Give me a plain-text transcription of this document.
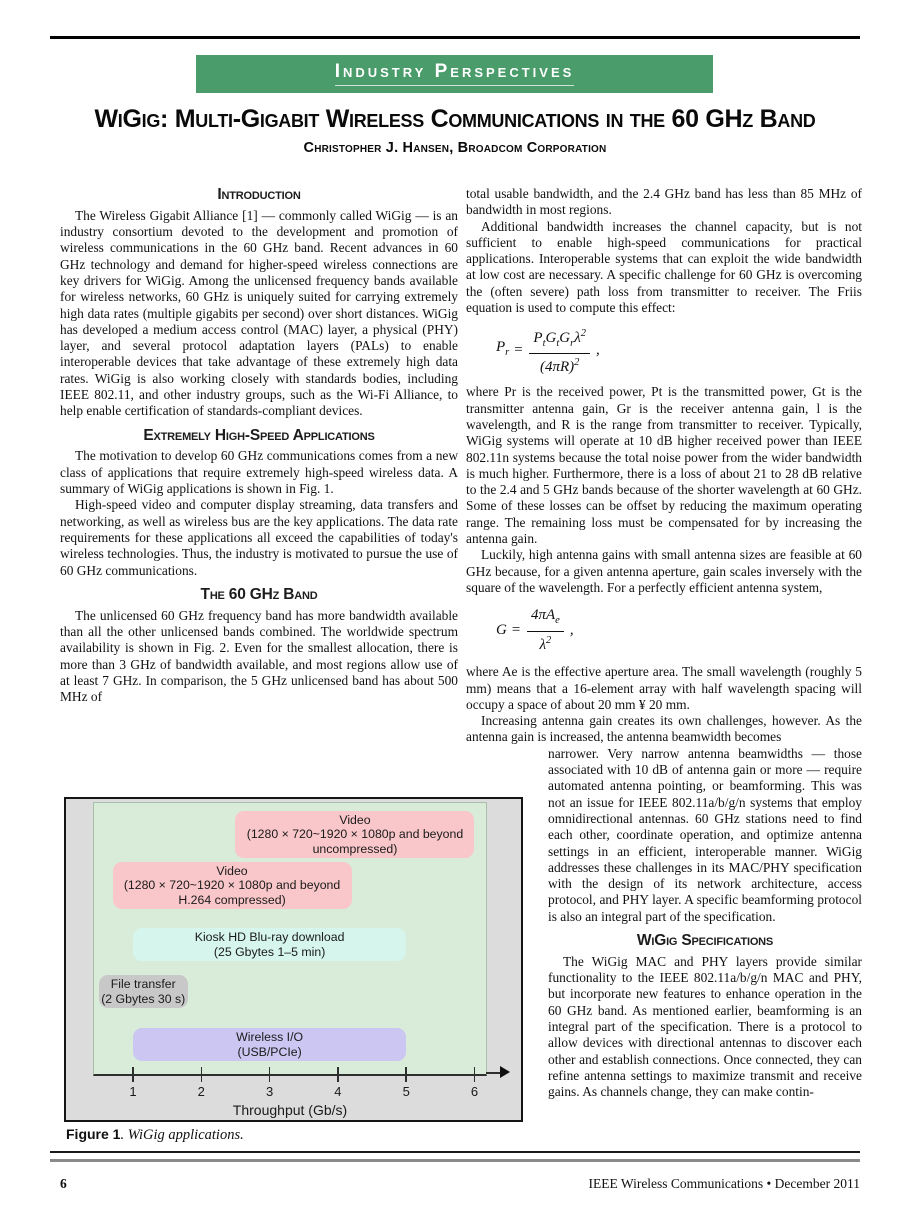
Industry Perspectives
WiGig: Multi-Gigabit Wireless Communications in the 60 GHz Band
Christopher J. Hansen, Broadcom Corporation
Introduction

The Wireless Gigabit Alliance [1] — commonly called WiGig — is an industry consortium devoted to the development and promotion of wireless communications in the 60 GHz band. Recent advances in 60 GHz technology and demand for higher-speed wireless connections are key drivers for WiGig. Among the unlicensed frequency bands available for wireless networks, 60 GHz is uniquely suited for carrying extremely high data rates (multiple gigabits per second) over short distances. WiGig has developed a medium access control (MAC) layer, a physical (PHY) layer, and several protocol adaptation layers (PALs) to enable interoperable devices that take advantage of these extremely high data rates. WiGig is also working closely with standards bodies, including IEEE 802.11, and other industry groups, such as the Wi-Fi Alliance, to help enable certification of standards-compliant devices.

Extremely High-Speed Applications

The motivation to develop 60 GHz communications comes from a new class of applications that require extremely high-speed wireless data. A summary of WiGig applications is shown in Fig. 1.

High-speed video and computer display streaming, data transfers and networking, as well as wireless bus are the key applications. The data rate requirements for these applications all exceed the capabilities of today's wireless technologies. Thus, the industry is motivated to pursue the use of 60 GHz communications.

The 60 GHz Band

The unlicensed 60 GHz frequency band has more bandwidth available than all the other unlicensed bands combined. The worldwide spectrum availability is shown in Fig. 2. Even for the smallest allocation, there is more than 3 GHz of bandwidth available, and most regions allow use of at least 7 GHz. In comparison, the 5 GHz unlicensed band has about 500 MHz of

total usable bandwidth, and the 2.4 GHz band has less than 85 MHz of bandwidth in most regions.

Additional bandwidth increases the channel capacity, but is not sufficient to enable high-speed communications for practical applications. Interoperable systems that can exploit the wide bandwidth at low cost are necessary. A specific challenge for 60 GHz is overcoming the (often severe) path loss from transmitter to receiver. The Friis equation is used to compute this effect:

$P_r = \frac{P_tG_tG_r\lambda^2}{(4\pi R)^2}$ ,

where Pr is the received power, Pt is the transmitted power, Gt is the transmitter antenna gain, Gr is the receiver antenna gain, l is the wavelength, and R is the range from transmitter to receiver. Typically, WiGig systems will operate at 10 dB higher received power than IEEE 802.11n systems because the total noise power from the wider bandwidth is much higher. Furthermore, there is a loss of about 21 to 28 dB relative to the 2.4 and 5 GHz bands because of the shorter wavelength at 60 GHz. Some of these losses can be offset by reducing the maximum operating range. The remaining loss must be compensated for by increasing the antenna gain.

Luckily, high antenna gains with small antenna sizes are feasible at 60 GHz because, for a given antenna aperture, gain scales inversely with the square of the wavelength. For a perfectly efficient antenna system,

$G = \frac{4\pi A_e}{\lambda^2}$ ,

where Ae is the effective aperture area. The small wavelength (roughly 5 mm) means that a 16-element array with half wavelength spacing will occupy a space of about 20 mm ¥ 20 mm.

Increasing antenna gain creates its own challenges, however. As the antenna gain is increased, the antenna beamwidth becomes

narrower. Very narrow antenna beamwidths — those associated with 10 dB of antenna gain or more — require automated antenna pointing, or beamforming. This was not an issue for IEEE 802.11a/b/g/n systems that employ omnidirectional antennas. 60 GHz stations need to find each other, coordinate operation, and optimize antenna settings in an efficient, interoperable manner. WiGig addresses these challenges in its MAC/PHY specification with the design of its network architecture, access protocol, and PHY layer. A specific beamforming protocol is also an integral part of the specification.

WiGig Specifications

The WiGig MAC and PHY layers provide similar functionality to the IEEE 802.11a/b/g/n MAC and PHY, but incorporate new features to enhance operation in the 60 GHz band. As mentioned earlier, beamforming is an integral part of the specification. There is a protocol to allow devices with directional antennas to discover each other and establish connections. Once connected, they can refine antenna settings to maximize transmit and receive gains. As channels change, they can make contin-

Throughput (Gb/s)
Video
(1280 × 720~1920 × 1080p and beyond uncompressed)
Video
(1280 × 720~1920 × 1080p and beyond H.264 compressed)
Kiosk HD Blu-ray download
(25 Gbytes 1–5 min)
File transfer
(2 Gbytes 30 s)
Wireless I/O
(USB/PCIe)
1	2	3	4	5	6
Figure 1. WiGig applications.
6	IEEE Wireless Communications • December 2011
